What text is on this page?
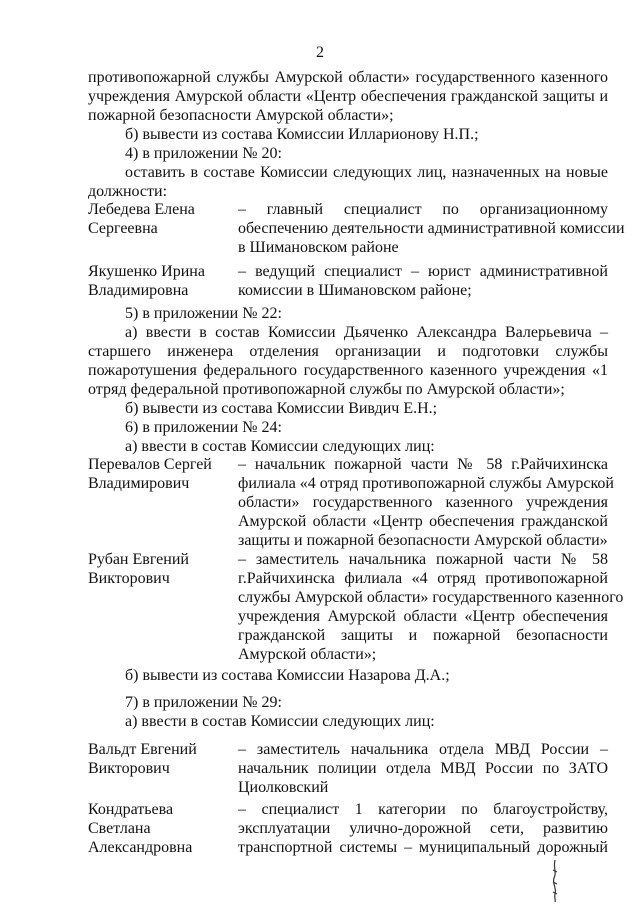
2
противопожарной службы Амурской области» государственного казенного
учреждения Амурской области «Центр обеспечения гражданской защиты и
пожарной безопасности Амурской области»;
б) вывести из состава Комиссии Илларионову Н.П.;
4) в приложении № 20:
оставить в составе Комиссии следующих лиц, назначенных на новые
должности:
Лебедева Елена
Сергеевна
– главный специалист по организационному
обеспечению деятельности административной комиссии
в Шимановском районе
Якушенко Ирина
Владимировна
– ведущий специалист – юрист административной
комиссии в Шимановском районе;
5) в приложении № 22:
а) ввести в состав Комиссии Дьяченко Александра Валерьевича –
старшего инженера отделения организации и подготовки службы
пожаротушения федерального государственного казенного учреждения «1
отряд федеральной противопожарной службы по Амурской области»;
б) вывести из состава Комиссии Вивдич Е.Н.;
6) в приложении № 24:
а) ввести в состав Комиссии следующих лиц:
Перевалов Сергей
Владимирович
– начальник пожарной части № 58 г.Райчихинска
филиала «4 отряд противопожарной службы Амурской
области» государственного казенного учреждения
Амурской области «Центр обеспечения гражданской
защиты и пожарной безопасности Амурской области»
Рубан Евгений
Викторович
– заместитель начальника пожарной части № 58
г.Райчихинска филиала «4 отряд противопожарной
службы Амурской области» государственного казенного
учреждения Амурской области «Центр обеспечения
гражданской защиты и пожарной безопасности
Амурской области»;
б) вывести из состава Комиссии Назарова Д.А.;
7) в приложении № 29:
а) ввести в состав Комиссии следующих лиц:
Вальдт Евгений
Викторович
– заместитель начальника отдела МВД России –
начальник полиции отдела МВД России по ЗАТО
Циолковский
Кондратьева
Светлана
Александровна
– специалист 1 категории по благоустройству,
эксплуатации улично-дорожной сети, развитию
транспортной системы – муниципальный дорожный
